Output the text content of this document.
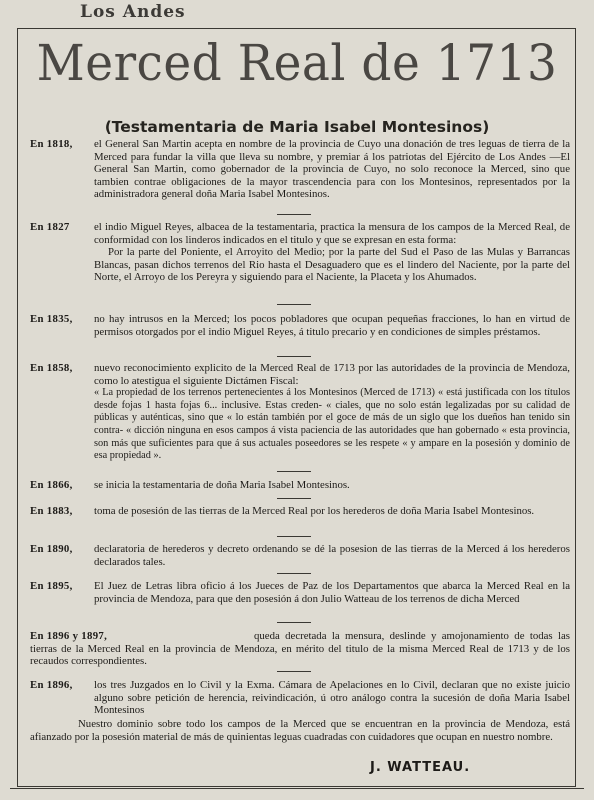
Los Andes
Merced Real de 1713
(Testamentaria de Maria Isabel Montesinos)
En 1818,	el General San Martin acepta en nombre de la provincia de Cuyo una donación de tres leguas de tierra de la Merced para fundar la villa que lleva su nombre, y premiar á los patriotas del Ejército de Los Andes —El General San Martin, como gobernador de la provincia de Cuyo, no solo reconoce la Merced, sino que tambien contrae obligaciones de la mayor trascendencia para con los Montesinos, representados por la administradora general doña Maria Isabel Montesinos.

En 1827	el indio Miguel Reyes, albacea de la testamentaria, practica la mensura de los campos de la Merced Real, de conformidad con los linderos indicados en el titulo y que se expresan en esta forma:

Por la parte del Poniente, el Arroyito del Medio; por la parte del Sud el Paso de las Mulas y Barrancas Blancas, pasan dichos terrenos del Rio hasta el Desaguadero que es el lindero del Naciente, por la parte del Norte, el Arroyo de los Pereyra y siguiendo para el Naciente, la Placeta y los Ahumados.

En 1835,	no hay intrusos en la Merced; los pocos pobladores que ocupan pequeñas fracciones, lo han en virtud de permisos otorgados por el indio Miguel Reyes, á titulo precario y en condiciones de simples préstamos.

En 1858,	nuevo reconocimiento explicito de la Merced Real de 1713 por las autoridades de la provincia de Mendoza, como lo atestigua el siguiente Dictámen Fiscal:

« La propiedad de los terrenos pertenecientes á los Montesinos (Merced de 1713) « está justificada con los títulos desde fojas 1 hasta fojas 6... inclusive. Estas creden- « ciales, que no solo están legalizadas por su calidad de públicas y auténticas, sino que « lo están también por el goce de más de un siglo que los dueños han tenido sin contra- « dicción ninguna en esos campos á vista paciencia de las autoridades que han gobernado « esta provincia, son más que suficientes para que á sus actuales poseedores se les respete « y ampare en la posesión y dominio de esa propiedad ».

En 1866,	se inicia la testamentaria de doña Maria Isabel Montesinos.

En 1883,	toma de posesión de las tierras de la Merced Real por los herederos de doña Maria Isabel Montesinos.

En 1890,	declaratoria de herederos y decreto ordenando se dé la posesion de las tierras de la Merced á los herederos declarados tales.

En 1895,	El Juez de Letras libra oficio á los Jueces de Paz de los Departamentos que abarca la Merced Real en la provincia de Mendoza, para que den posesión á don Julio Watteau de los terrenos de dicha Merced

En 1896 y 1897,	queda decretada la mensura, deslinde y amojonamiento de todas las tierras de la Merced Real en la provincia de Mendoza, en mérito del titulo de la misma Merced Real de 1713 y de los recaudos correspondientes.

En 1896,	los tres Juzgados en lo Civil y la Exma. Cámara de Apelaciones en lo Civil, declaran que no existe juicio alguno sobre petición de herencia, reivindicación, ú otro análogo contra la sucesión de doña Maria Isabel Montesinos

Nuestro dominio sobre todo los campos de la Merced que se encuentran en la provincia de Mendoza, está afianzado por la posesión material de más de quinientas leguas cuadradas con cuidadores que ocupan en nuestro nombre.

J. WATTEAU.
